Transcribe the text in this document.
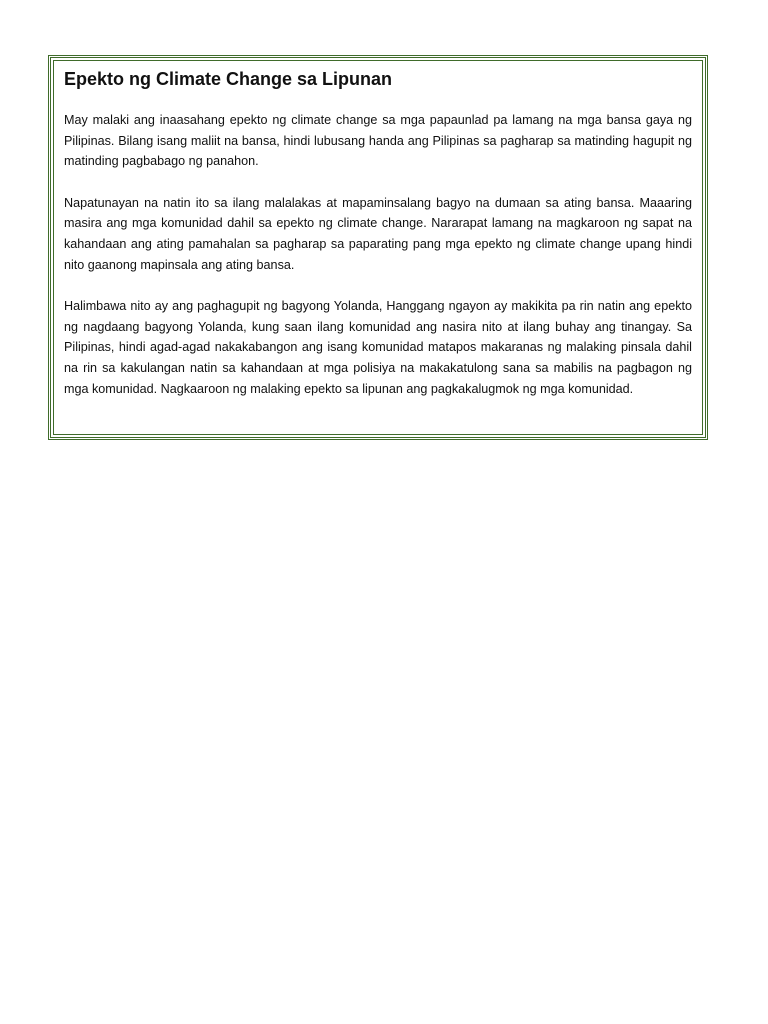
Epekto ng Climate Change sa Lipunan

May malaki ang inaasahang epekto ng climate change sa mga papaunlad pa lamang na mga bansa gaya ng Pilipinas. Bilang isang maliit na bansa, hindi lubusang handa ang Pilipinas sa pagharap sa matinding hagupit ng matinding pagbabago ng panahon.

Napatunayan na natin ito sa ilang malalakas at mapaminsalang bagyo na dumaan sa ating bansa. Maaaring masira ang mga komunidad dahil sa epekto ng climate change. Nararapat lamang na magkaroon ng sapat na kahandaan ang ating pamahalan sa pagharap sa paparating pang mga epekto ng climate change upang hindi nito gaanong mapinsala ang ating bansa.

Halimbawa nito ay ang paghagupit ng bagyong Yolanda, Hanggang ngayon ay makikita pa rin natin ang epekto ng nagdaang bagyong Yolanda, kung saan ilang komunidad ang nasira nito at ilang buhay ang tinangay. Sa Pilipinas, hindi agad-agad nakakabangon ang isang komunidad matapos makaranas ng malaking pinsala dahil na rin sa kakulangan natin sa kahandaan at mga polisiya na makakatulong sana sa mabilis na pagbagon ng mga komunidad. Nagkaaroon ng malaking epekto sa lipunan ang pagkakalugmok ng mga komunidad.
